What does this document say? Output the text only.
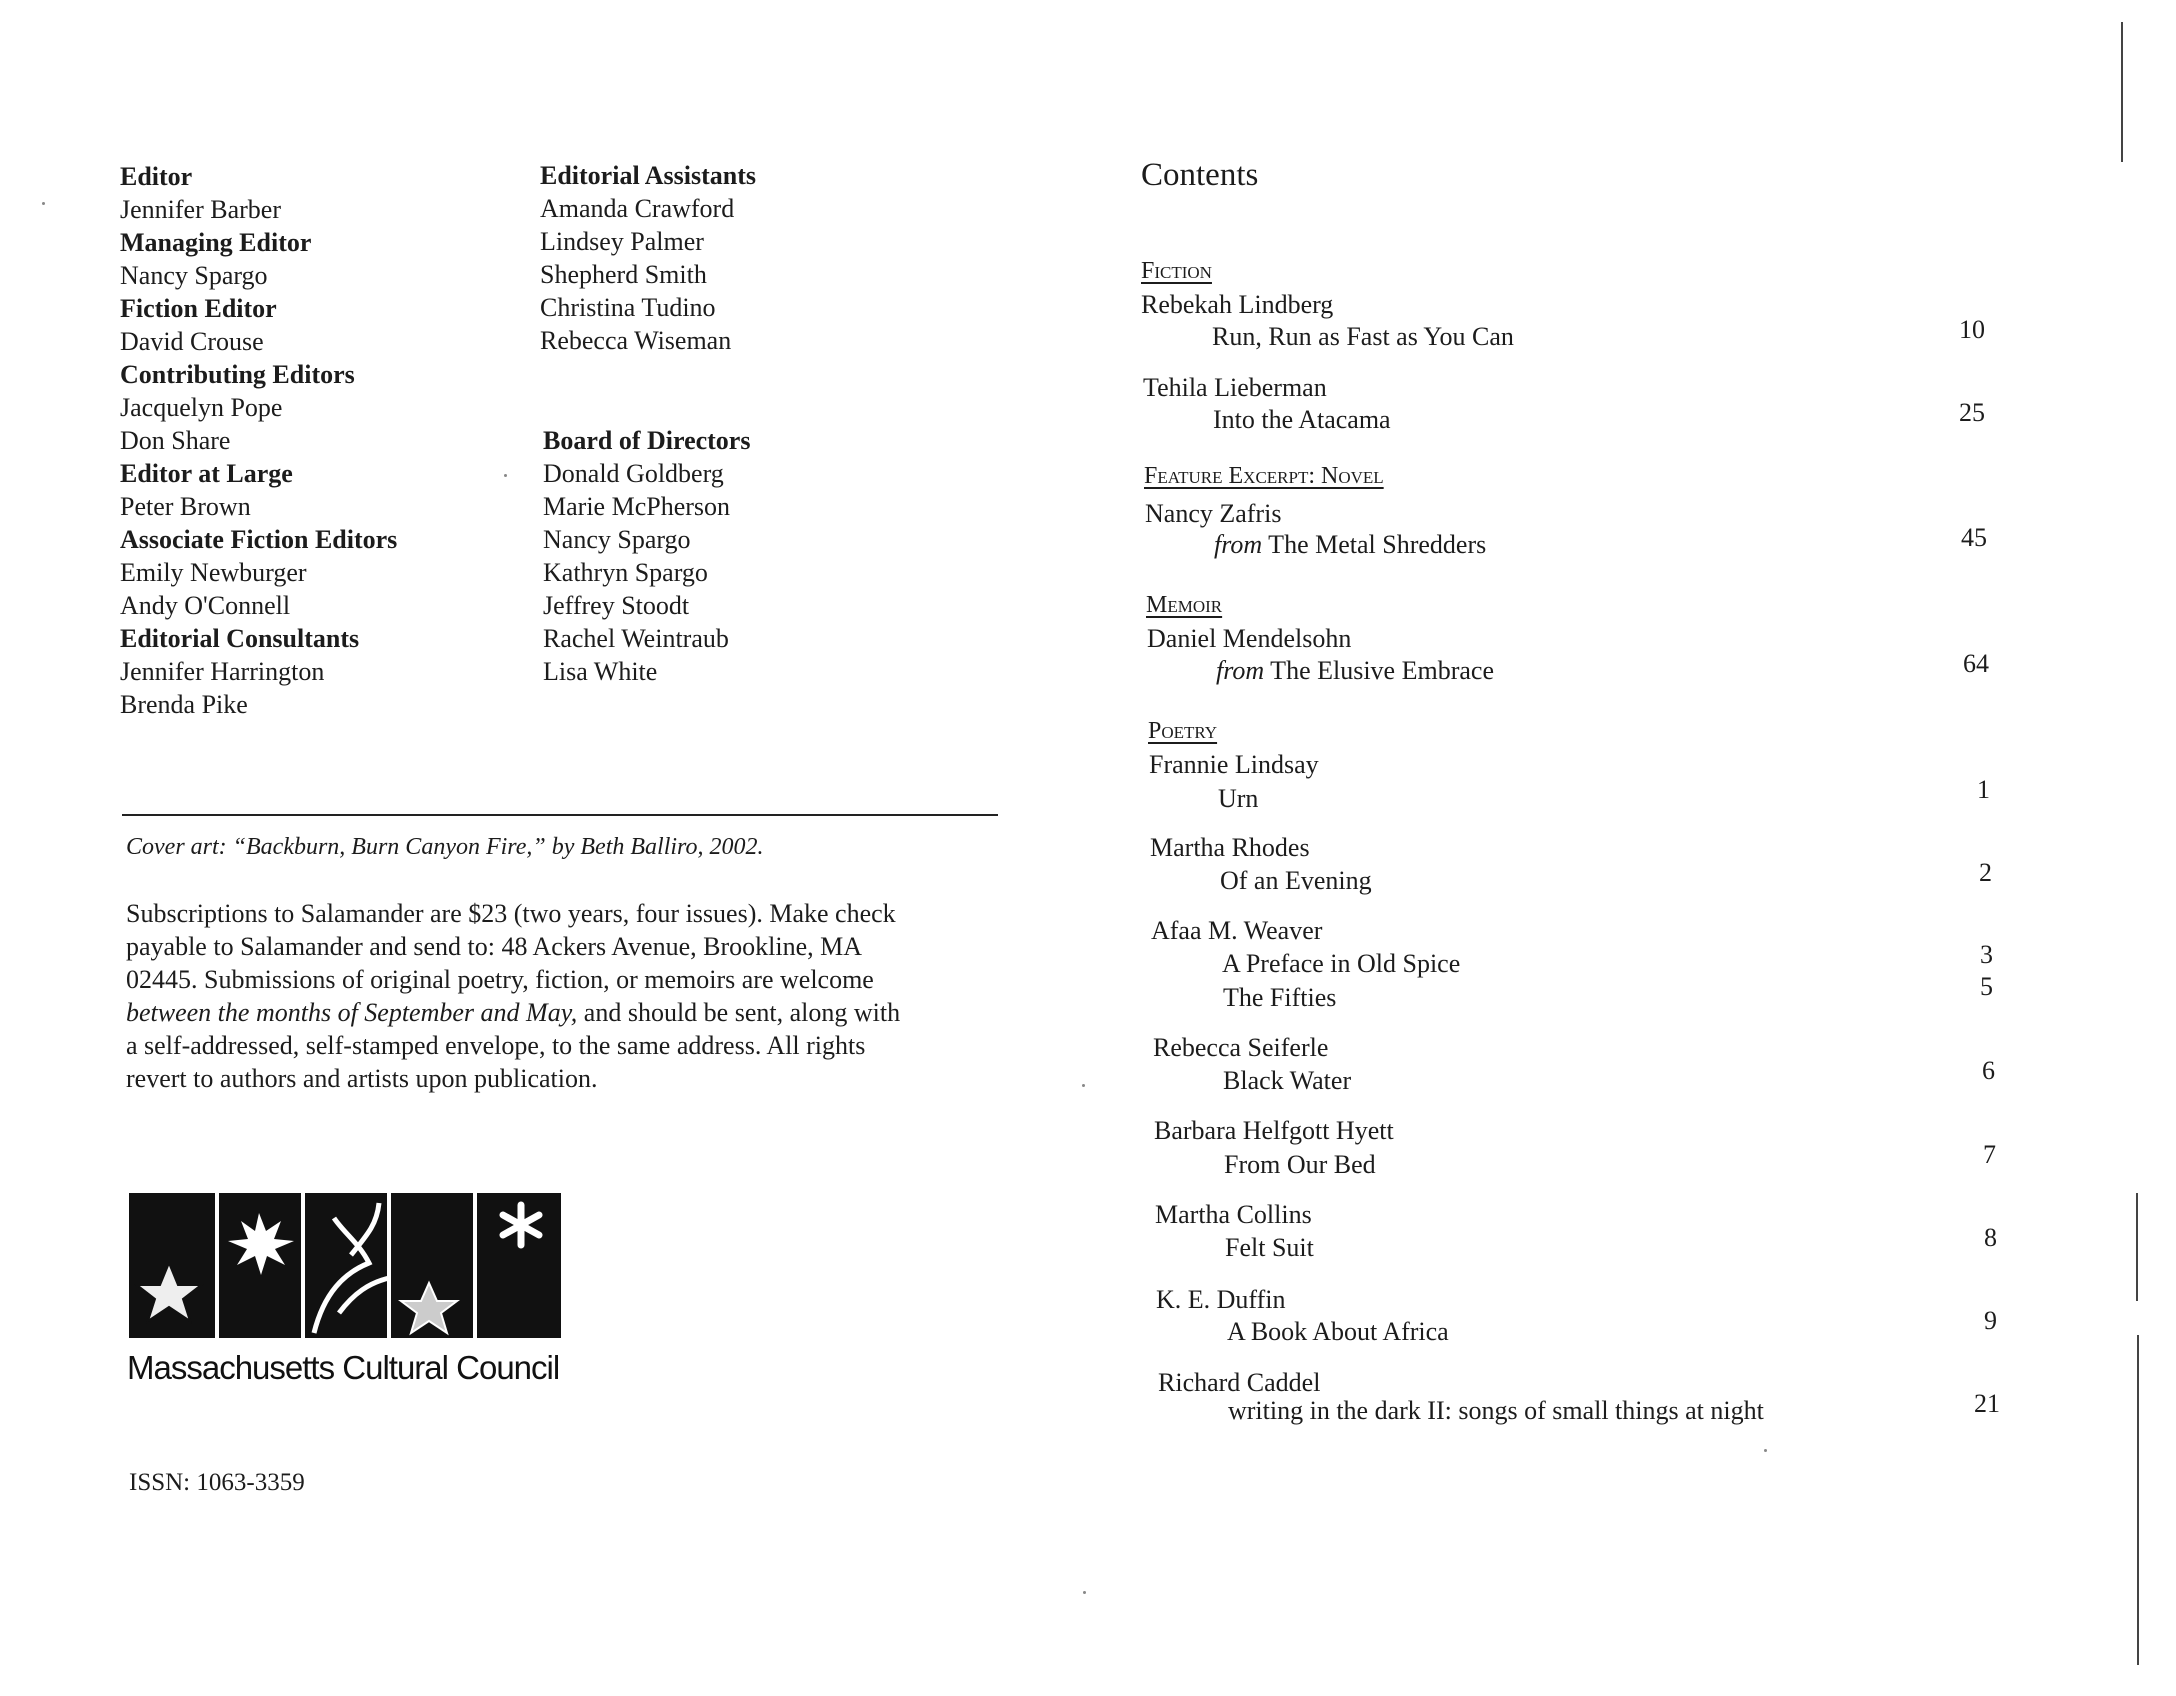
Editor
Jennifer Barber
Managing Editor
Nancy Spargo
Fiction Editor
David Crouse
Contributing Editors
Jacquelyn Pope
Don Share
Editor at Large
Peter Brown
Associate Fiction Editors
Emily Newburger
Andy O'Connell
Editorial Consultants
Jennifer Harrington
Brenda Pike
Editorial Assistants
Amanda Crawford
Lindsey Palmer
Shepherd Smith
Christina Tudino
Rebecca Wiseman
Board of Directors
Donald Goldberg
Marie McPherson
Nancy Spargo
Kathryn Spargo
Jeffrey Stoodt
Rachel Weintraub
Lisa White
Cover art: “Backburn, Burn Canyon Fire,” by Beth Balliro, 2002.

Subscriptions to Salamander are $23 (two years, four issues). Make check

payable to Salamander and send to: 48 Ackers Avenue, Brookline, MA

02445. Submissions of original poetry, fiction, or memoirs are welcome

between the months of September and May, and should be sent, along with

a self-addressed, self-stamped envelope, to the same address. All rights

revert to authors and artists upon publication.

Massachusetts Cultural Council
ISSN: 1063-3359
Contents
Fiction
Rebekah Lindberg
Run, Run as Fast as You Can	10
Tehila Lieberman
Into the Atacama	25
Feature Excerpt: Novel
Nancy Zafris
from The Metal Shredders	45
Memoir
Daniel Mendelsohn
from The Elusive Embrace	64
Poetry
Frannie Lindsay
Urn	1
Martha Rhodes
Of an Evening	2
Afaa M. Weaver
A Preface in Old Spice	3
The Fifties	5
Rebecca Seiferle
Black Water	6
Barbara Helfgott Hyett
From Our Bed	7
Martha Collins
Felt Suit	8
K. E. Duffin
A Book About Africa	9
Richard Caddel
writing in the dark II: songs of small things at night	21
